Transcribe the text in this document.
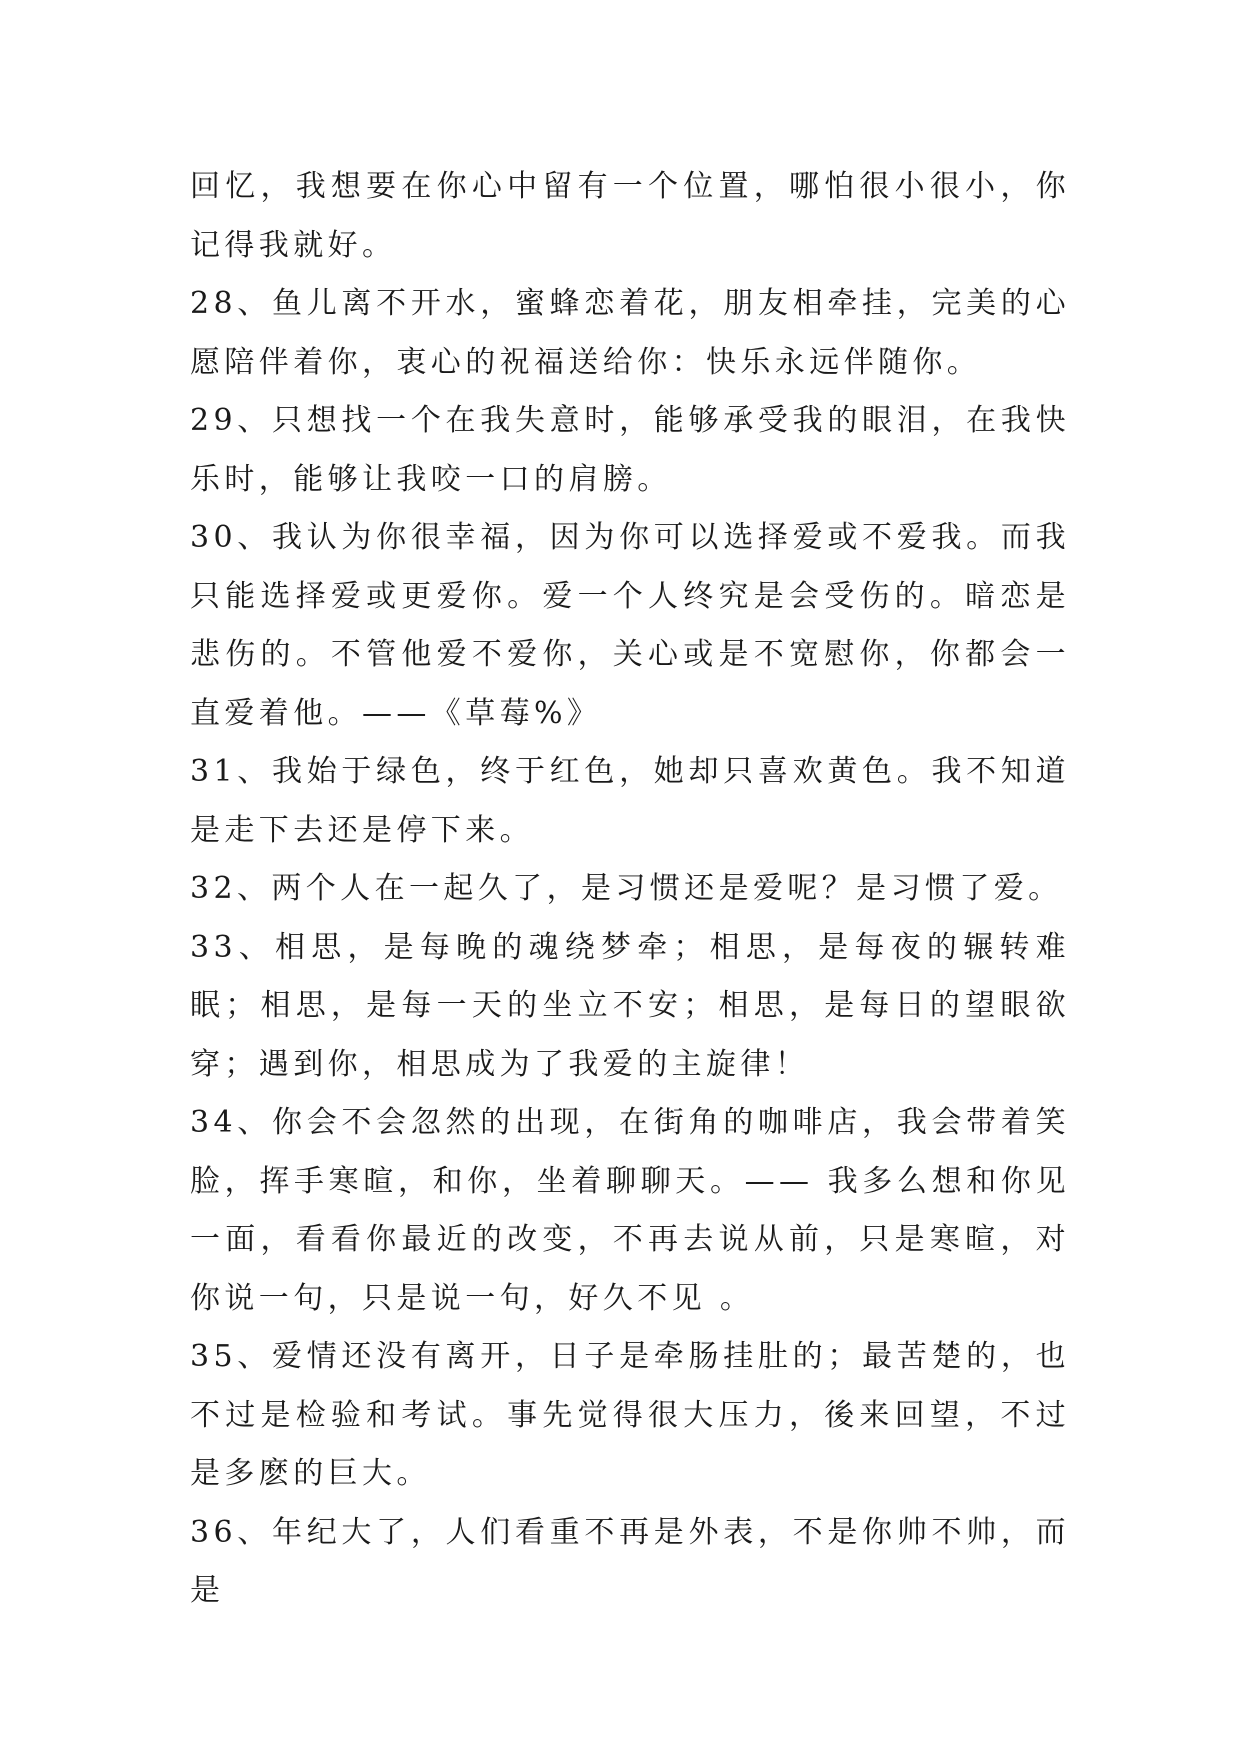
回忆，我想要在你心中留有一个位置，哪怕很小很小，你记得我就好。

28、鱼儿离不开水，蜜蜂恋着花，朋友相牵挂，完美的心愿陪伴着你，衷心的祝福送给你：快乐永远伴随你。

29、只想找一个在我失意时，能够承受我的眼泪，在我快乐时，能够让我咬一口的肩膀。

30、我认为你很幸福，因为你可以选择爱或不爱我。而我只能选择爱或更爱你。爱一个人终究是会受伤的。暗恋是悲伤的。不管他爱不爱你，关心或是不宽慰你，你都会一直爱着他。——《草莓%》

31、我始于绿色，终于红色，她却只喜欢黄色。我不知道是走下去还是停下来。

32、两个人在一起久了，是习惯还是爱呢？是习惯了爱。

33、相思，是每晚的魂绕梦牵；相思，是每夜的辗转难眠；相思，是每一天的坐立不安；相思，是每日的望眼欲穿；遇到你，相思成为了我爱的主旋律！

34、你会不会忽然的出现，在街角的咖啡店，我会带着笑脸，挥手寒暄，和你，坐着聊聊天。—— 我多么想和你见一面，看看你最近的改变，不再去说从前，只是寒暄，对你说一句，只是说一句，好久不见 。

35、爱情还没有离开，日子是牵肠挂肚的；最苦楚的，也不过是检验和考试。事先觉得很大压力，後来回望，不过是多麽的巨大。

36、年纪大了，人们看重不再是外表，不是你帅不帅，而是
